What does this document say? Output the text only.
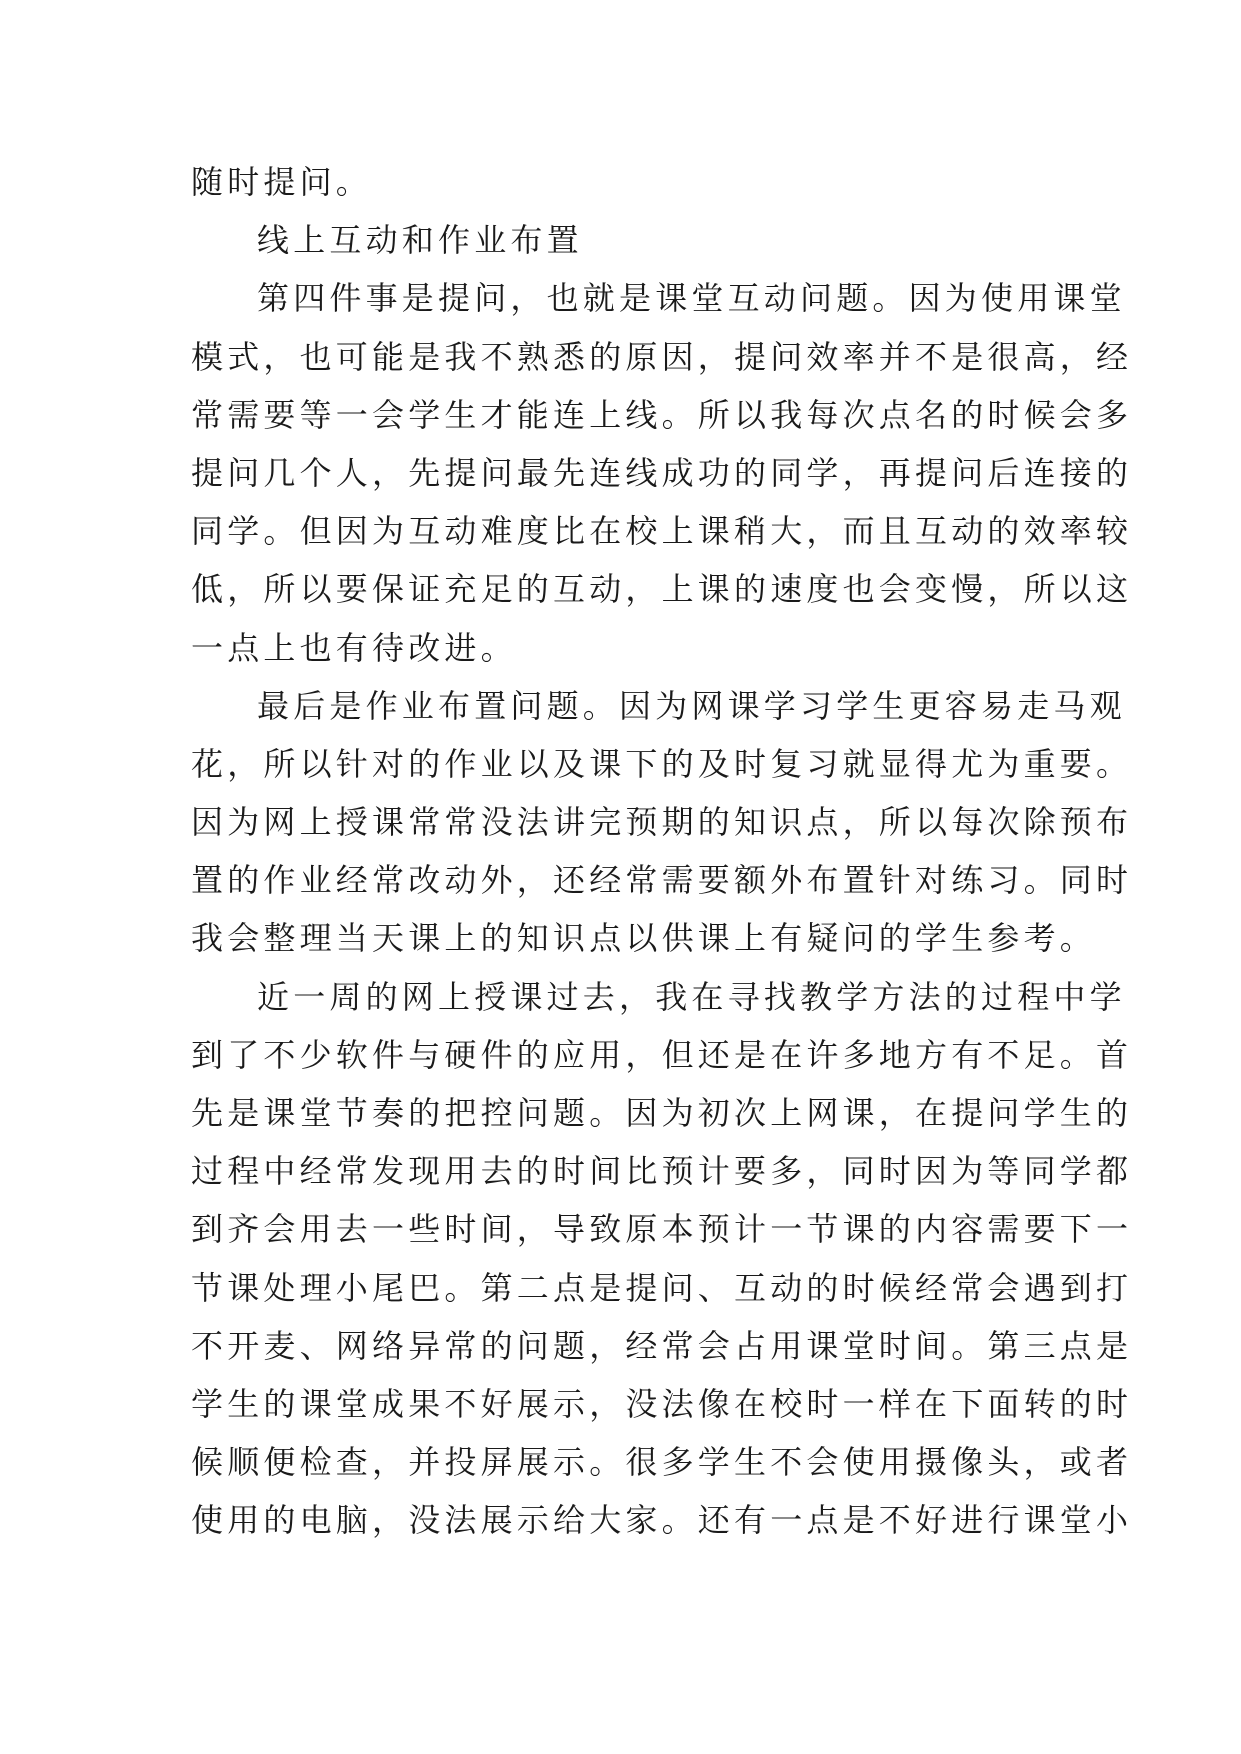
随时提问。
线上互动和作业布置
第四件事是提问，也就是课堂互动问题。因为使用课堂
模式，也可能是我不熟悉的原因，提问效率并不是很高，经
常需要等一会学生才能连上线。所以我每次点名的时候会多
提问几个人，先提问最先连线成功的同学，再提问后连接的
同学。但因为互动难度比在校上课稍大，而且互动的效率较
低，所以要保证充足的互动，上课的速度也会变慢，所以这
一点上也有待改进。
最后是作业布置问题。因为网课学习学生更容易走马观
花，所以针对的作业以及课下的及时复习就显得尤为重要。
因为网上授课常常没法讲完预期的知识点，所以每次除预布
置的作业经常改动外，还经常需要额外布置针对练习。同时
我会整理当天课上的知识点以供课上有疑问的学生参考。
近一周的网上授课过去，我在寻找教学方法的过程中学
到了不少软件与硬件的应用，但还是在许多地方有不足。首
先是课堂节奏的把控问题。因为初次上网课，在提问学生的
过程中经常发现用去的时间比预计要多，同时因为等同学都
到齐会用去一些时间，导致原本预计一节课的内容需要下一
节课处理小尾巴。第二点是提问、互动的时候经常会遇到打
不开麦、网络异常的问题，经常会占用课堂时间。第三点是
学生的课堂成果不好展示，没法像在校时一样在下面转的时
候顺便检查，并投屏展示。很多学生不会使用摄像头，或者
使用的电脑，没法展示给大家。还有一点是不好进行课堂小
